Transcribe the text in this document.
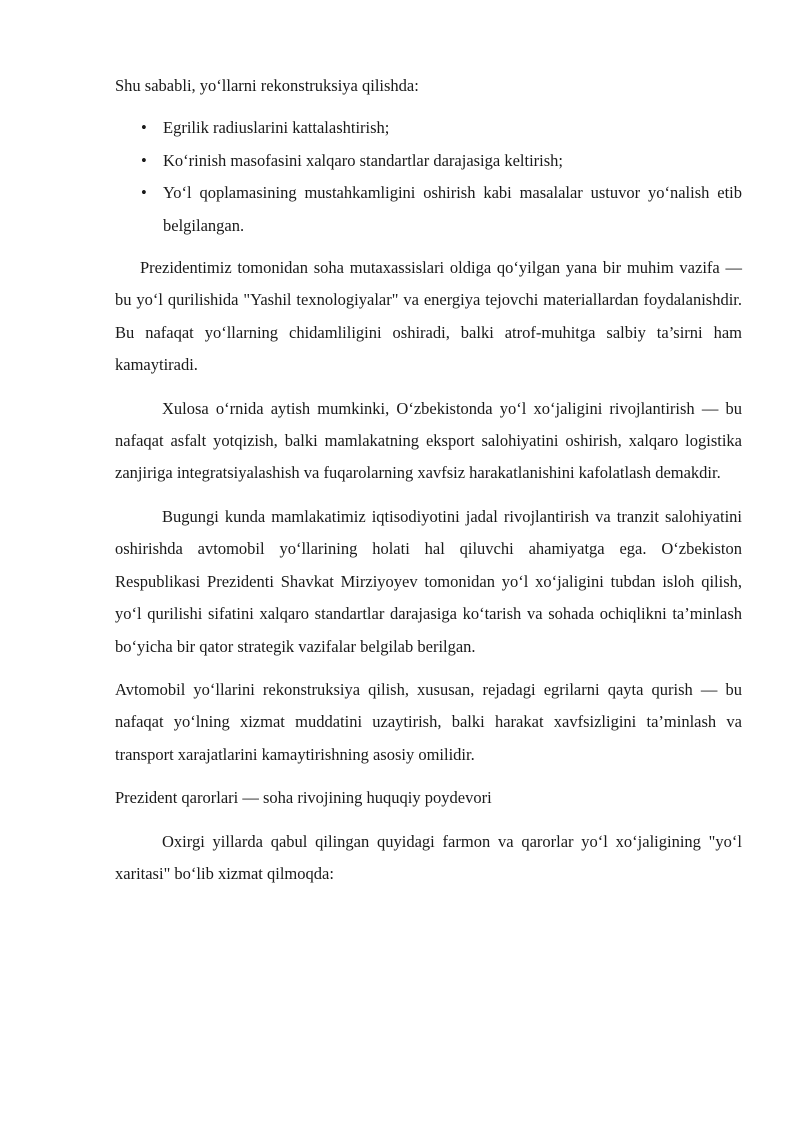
Shu sababli, yo‘llarni rekonstruksiya qilishda:

• Egrilik radiuslarini kattalashtirish;
• Ko‘rinish masofasini xalqaro standartlar darajasiga keltirish;
• Yo‘l qoplamasining mustahkamligini oshirish kabi masalalar ustuvor yo‘nalish etib belgilangan.

Prezidentimiz tomonidan soha mutaxassislari oldiga qo‘yilgan yana bir muhim vazifa — bu yo‘l qurilishida "Yashil texnologiyalar" va energiya tejovchi materiallardan foydalanishdir. Bu nafaqat yo‘llarning chidamliligini oshiradi, balki atrof-muhitga salbiy ta’sirni ham kamaytiradi.

Xulosa o‘rnida aytish mumkinki, O‘zbekistonda yo‘l xo‘jaligini rivojlantirish — bu nafaqat asfalt yotqizish, balki mamlakatning eksport salohiyatini oshirish, xalqaro logistika zanjiriga integratsiyalashish va fuqarolarning xavfsiz harakatlanishini kafolatlash demakdir.

Bugungi kunda mamlakatimiz iqtisodiyotini jadal rivojlantirish va tranzit salohiyatini oshirishda avtomobil yo‘llarining holati hal qiluvchi ahamiyatga ega. O‘zbekiston Respublikasi Prezidenti Shavkat Mirziyoyev tomonidan yo‘l xo‘jaligini tubdan isloh qilish, yo‘l qurilishi sifatini xalqaro standartlar darajasiga ko‘tarish va sohada ochiqlikni ta’minlash bo‘yicha bir qator strategik vazifalar belgilab berilgan.

Avtomobil yo‘llarini rekonstruksiya qilish, xususan, rejadagi egrilarni qayta qurish — bu nafaqat yo‘lning xizmat muddatini uzaytirish, balki harakat xavfsizligini ta’minlash va transport xarajatlarini kamaytirishning asosiy omilidir.

Prezident qarorlari — soha rivojining huquqiy poydevori

Oxirgi yillarda qabul qilingan quyidagi farmon va qarorlar yo‘l xo‘jaligining "yo‘l xaritasi" bo‘lib xizmat qilmoqda:
